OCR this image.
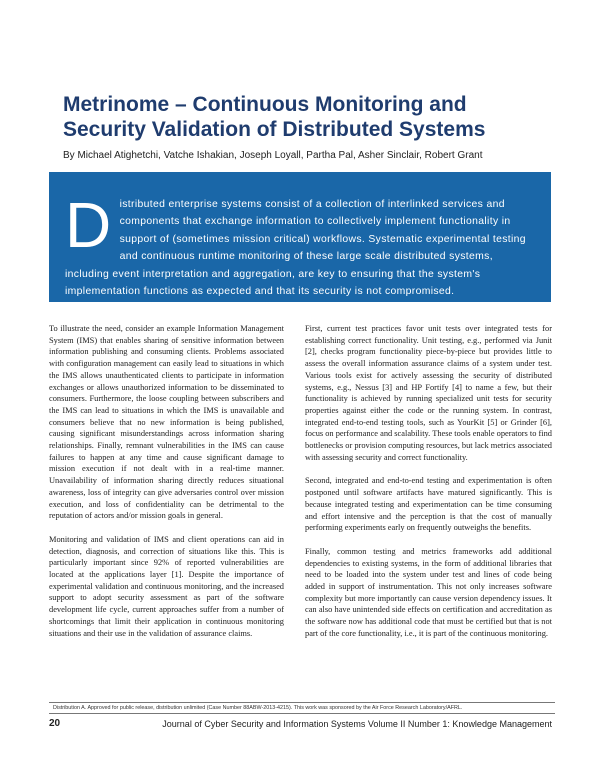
Metrinome – Continuous Monitoring and Security Validation of Distributed Systems
By Michael Atighetchi, Vatche Ishakian, Joseph Loyall, Partha Pal, Asher Sinclair, Robert Grant
Distributed enterprise systems consist of a collection of interlinked services and components that exchange information to collectively implement functionality in support of (sometimes mission critical) workflows. Systematic experimental testing and continuous runtime monitoring of these large scale distributed systems, including event interpretation and aggregation, are key to ensuring that the system's implementation functions as expected and that its security is not compromised.

To illustrate the need, consider an example Information Management System (IMS) that enables sharing of sensitive information between information publishing and consuming clients. Problems associated with configuration management can easily lead to situations in which the IMS allows unauthenticated clients to participate in information exchanges or allows unauthorized information to be disseminated to consumers. Furthermore, the loose coupling between subscribers and the IMS can lead to situations in which the IMS is unavailable and consumers believe that no new information is being published, causing significant misunderstandings across information sharing relationships. Finally, remnant vulnerabilities in the IMS can cause failures to happen at any time and cause significant damage to mission execution if not dealt with in a real-time manner. Unavailability of information sharing directly reduces situational awareness, loss of integrity can give adversaries control over mission execution, and loss of confidentiality can be detrimental to the reputation of actors and/or mission goals in general.

Monitoring and validation of IMS and client operations can aid in detection, diagnosis, and correction of situations like this. This is particularly important since 92% of reported vulnerabilities are located at the applications layer [1]. Despite the importance of experimental validation and continuous monitoring, and the increased support to adopt security assessment as part of the software development life cycle, current approaches suffer from a number of shortcomings that limit their application in continuous monitoring situations and their use in the validation of assurance claims.

First, current test practices favor unit tests over integrated tests for establishing correct functionality. Unit testing, e.g., performed via Junit [2], checks program functionality piece-by-piece but provides little to assess the overall information assurance claims of a system under test. Various tools exist for actively assessing the security of distributed systems, e.g., Nessus [3] and HP Fortify [4] to name a few, but their functionality is achieved by running specialized unit tests for security properties against either the code or the running system. In contrast, integrated end-to-end testing tools, such as YourKit [5] or Grinder [6], focus on performance and scalability. These tools enable operators to find bottlenecks or provision computing resources, but lack metrics associated with assessing security and correct functionality.

Second, integrated and end-to-end testing and experimentation is often postponed until software artifacts have matured significantly. This is because integrated testing and experimentation can be time consuming and effort intensive and the perception is that the cost of manually performing experiments early on frequently outweighs the benefits.

Finally, common testing and metrics frameworks add additional dependencies to existing systems, in the form of additional libraries that need to be loaded into the system under test and lines of code being added in support of instrumentation. This not only increases software complexity but more importantly can cause version dependency issues. It can also have unintended side effects on certification and accreditation as the software now has additional code that must be certified but that is not part of the core functionality, i.e., it is part of the continuous monitoring.

Distribution A. Approved for public release, distribution unlimited (Case Number 88ABW-2013-4215). This work was sponsored by the Air Force Research Laboratory/AFRL.
20	Journal of Cyber Security and Information Systems Volume II Number 1: Knowledge Management
